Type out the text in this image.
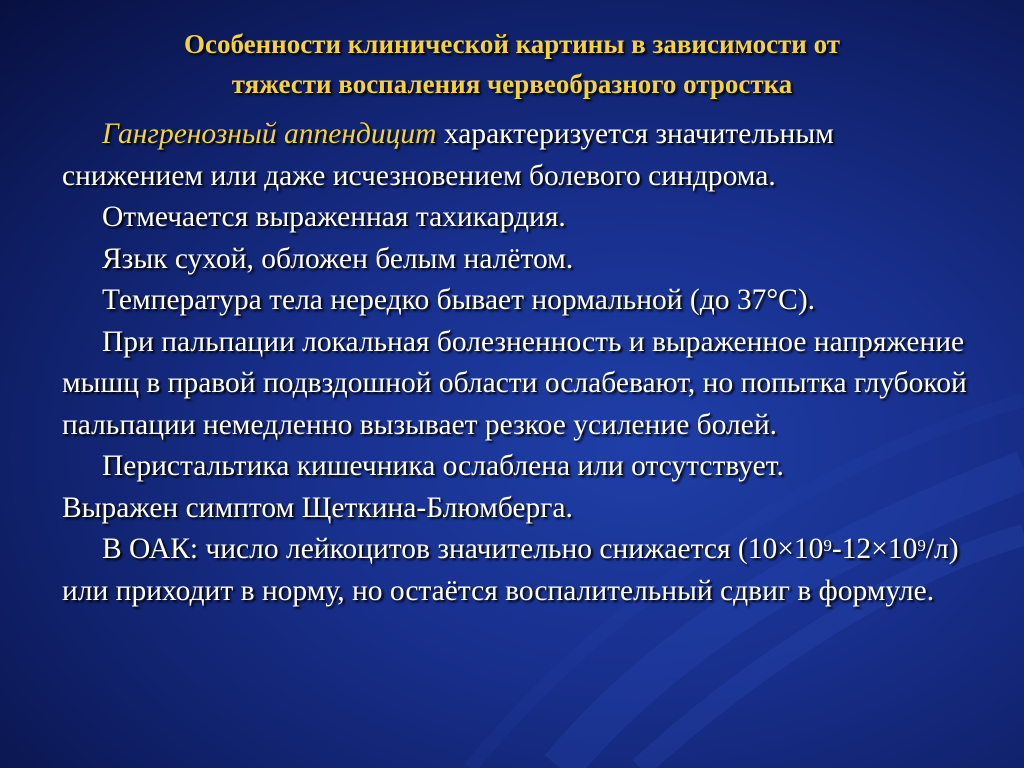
Особенности клинической картины в зависимости от
тяжести воспаления червеобразного отростка

Гангренозный аппендицит характеризуется значительным снижением или даже исчезновением болевого синдрома.

Отмечается выраженная тахикардия.

Язык сухой, обложен белым налётом.

Температура тела нередко бывает нормальной (до 37°С).

При пальпации локальная болезненность и выраженное напряжение мышц в правой подвздошной области ослабевают, но попытка глубокой пальпации немедленно вызывает резкое усиление болей.

Перистальтика кишечника ослаблена или отсутствует.

Выражен симптом Щеткина-Блюмберга.

В ОАК: число лейкоцитов значительно снижается $(10\times 10^9-12\times 10^9/л)$ или приходит в норму, но остаётся воспалительный сдвиг в формуле.
